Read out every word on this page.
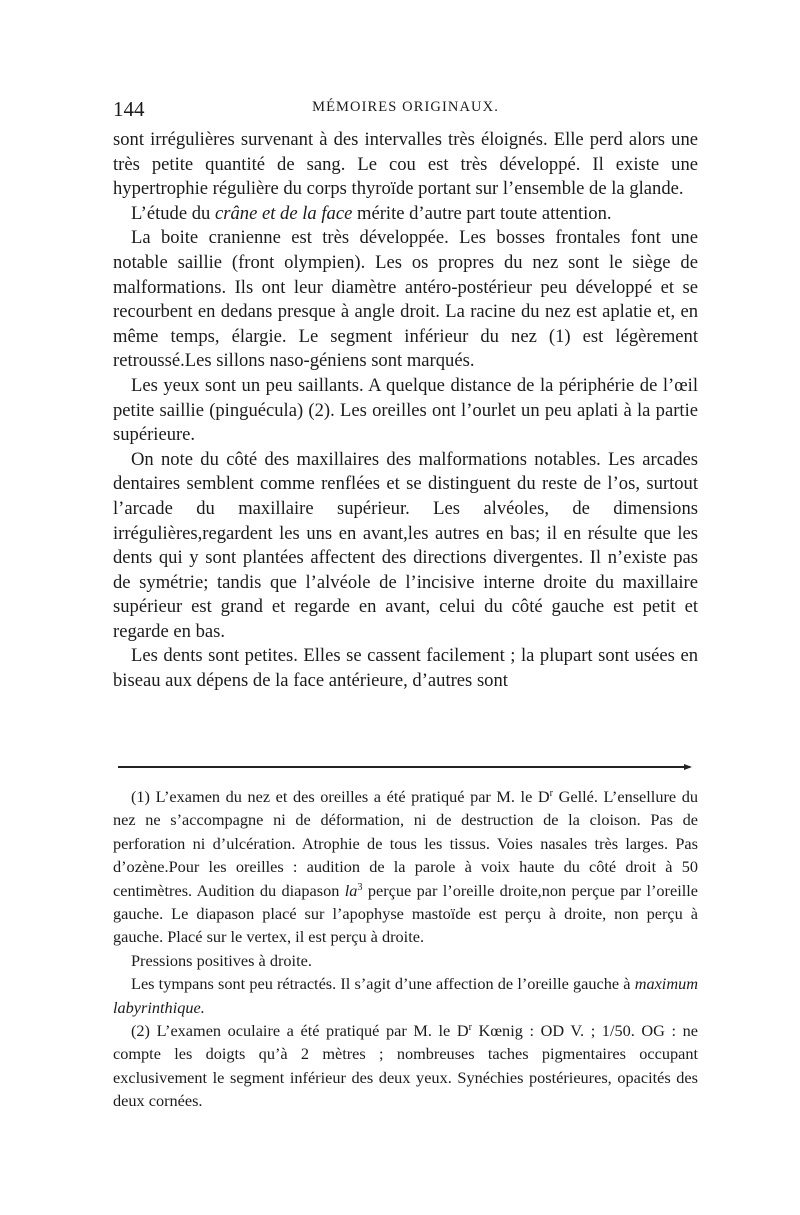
144	MÉMOIRES ORIGINAUX.

sont irrégulières survenant à des intervalles très éloignés. Elle perd alors une très petite quantité de sang. Le cou est très développé. Il existe une hypertrophie régulière du corps thyroïde portant sur l’ensemble de la glande.

L’étude du crâne et de la face mérite d’autre part toute attention.

La boite cranienne est très développée. Les bosses frontales font une notable saillie (front olympien). Les os propres du nez sont le siège de malformations. Ils ont leur diamètre antéro-postérieur peu développé et se recourbent en dedans presque à angle droit. La racine du nez est aplatie et, en même temps, élargie. Le segment inférieur du nez (1) est légèrement retroussé.Les sillons naso-géniens sont marqués.

Les yeux sont un peu saillants. A quelque distance de la périphérie de l’œil petite saillie (pinguécula) (2). Les oreilles ont l’ourlet un peu aplati à la partie supérieure.

On note du côté des maxillaires des malformations notables. Les arcades dentaires semblent comme renflées et se distinguent du reste de l’os, surtout l’arcade du maxillaire supérieur. Les alvéoles, de dimensions irrégulières,regardent les uns en avant,les autres en bas; il en résulte que les dents qui y sont plantées affectent des directions divergentes. Il n’existe pas de symétrie; tandis que l’alvéole de l’incisive interne droite du maxillaire supérieur est grand et regarde en avant, celui du côté gauche est petit et regarde en bas.

Les dents sont petites. Elles se cassent facilement ; la plupart sont usées en biseau aux dépens de la face antérieure, d’autres sont

(1) L’examen du nez et des oreilles a été pratiqué par M. le $D^r$ Gellé. L’ensellure du nez ne s’accompagne ni de déformation, ni de destruction de la cloison. Pas de perforation ni d’ulcération. Atrophie de tous les tissus. Voies nasales très larges. Pas d’ozène.Pour les oreilles : audition de la parole à voix haute du côté droit à 50 centimètres. Audition du diapason $la^3$ perçue par l’oreille droite,non perçue par l’oreille gauche. Le diapason placé sur l’apophyse mastoïde est perçu à droite, non perçu à gauche. Placé sur le vertex, il est perçu à droite.

Pressions positives à droite.

Les tympans sont peu rétractés. Il s’agit d’une affection de l’oreille gauche à maximum labyrinthique.

(2) L’examen oculaire a été pratiqué par M. le $D^r$ Kœnig : OD V. ; 1/50. OG : ne compte les doigts qu’à 2 mètres ; nombreuses taches pigmentaires occupant exclusivement le segment inférieur des deux yeux. Synéchies postérieures, opacités des deux cornées.
